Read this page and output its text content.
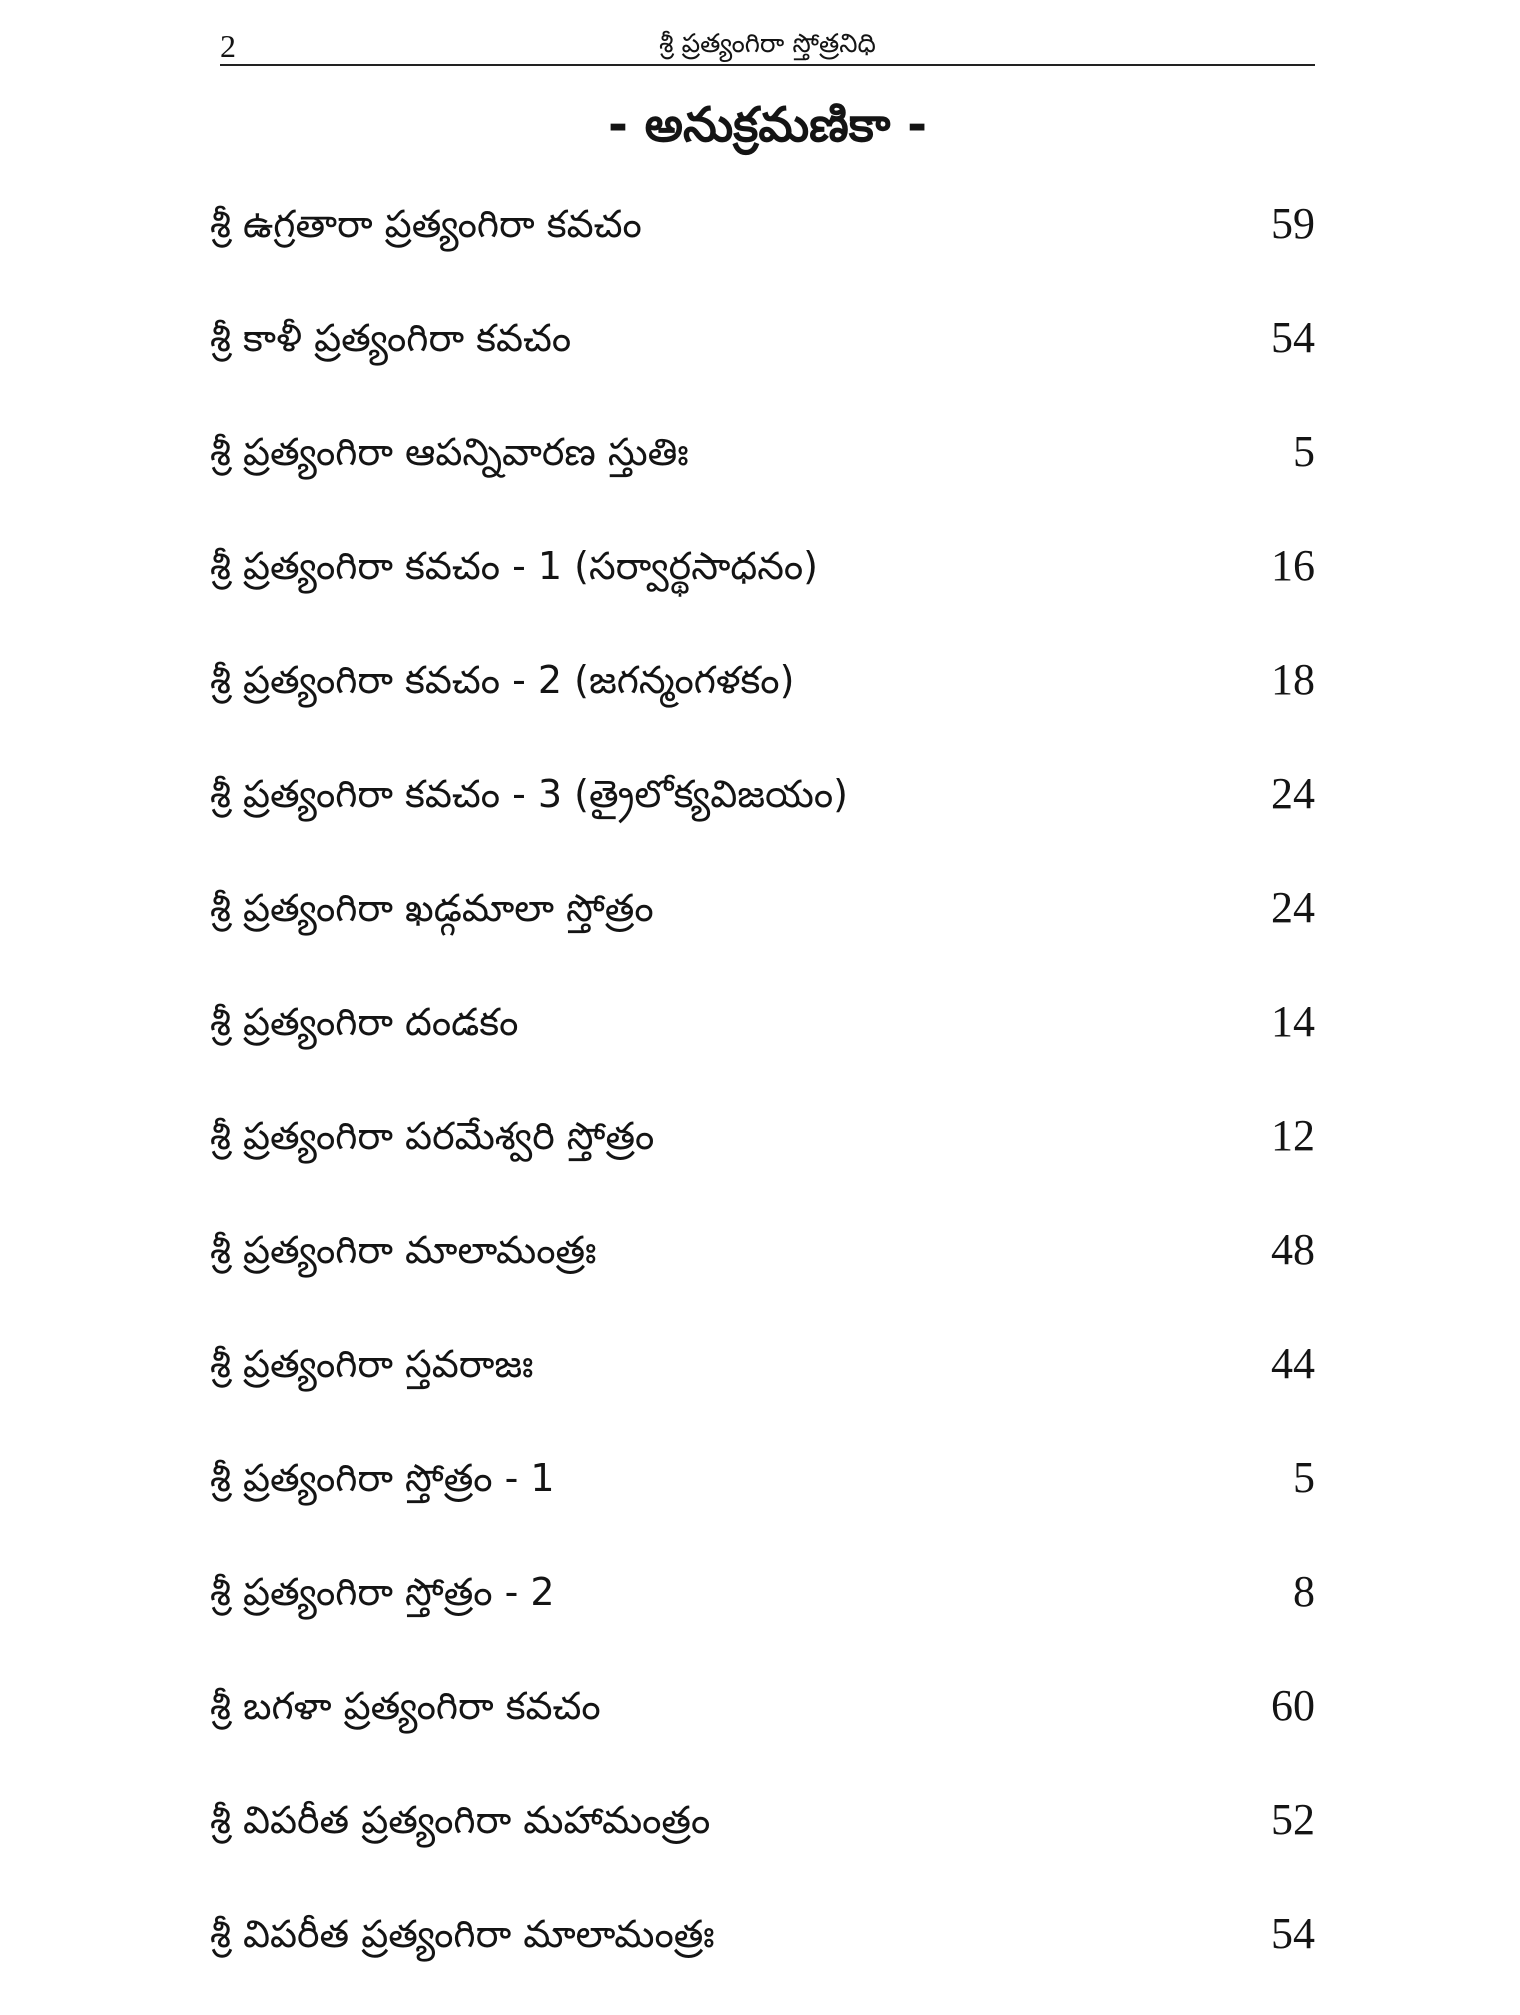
2	శ్రీ ప్రత్యంగిరా స్తోత్రనిధి
- అనుక్రమణికా -
శ్రీ ఉగ్రతారా ప్రత్యంగిరా కవచం	59
శ్రీ కాళీ ప్రత్యంగిరా కవచం	54
శ్రీ ప్రత్యంగిరా ఆపన్నివారణ స్తుతిః	5
శ్రీ ప్రత్యంగిరా కవచం - 1 (సర్వార్థసాధనం)	16
శ్రీ ప్రత్యంగిరా కవచం - 2 (జగన్మంగళకం)	18
శ్రీ ప్రత్యంగిరా కవచం - 3 (త్రైలోక్యవిజయం)	24
శ్రీ ప్రత్యంగిరా ఖడ్గమాలా స్తోత్రం	24
శ్రీ ప్రత్యంగిరా దండకం	14
శ్రీ ప్రత్యంగిరా పరమేశ్వరి స్తోత్రం	12
శ్రీ ప్రత్యంగిరా మాలామంత్రః	48
శ్రీ ప్రత్యంగిరా స్తవరాజః	44
శ్రీ ప్రత్యంగిరా స్తోత్రం - 1	5
శ్రీ ప్రత్యంగిరా స్తోత్రం - 2	8
శ్రీ బగళా ప్రత్యంగిరా కవచం	60
శ్రీ విపరీత ప్రత్యంగిరా మహామంత్రం	52
శ్రీ విపరీత ప్రత్యంగిరా మాలామంత్రః	54
